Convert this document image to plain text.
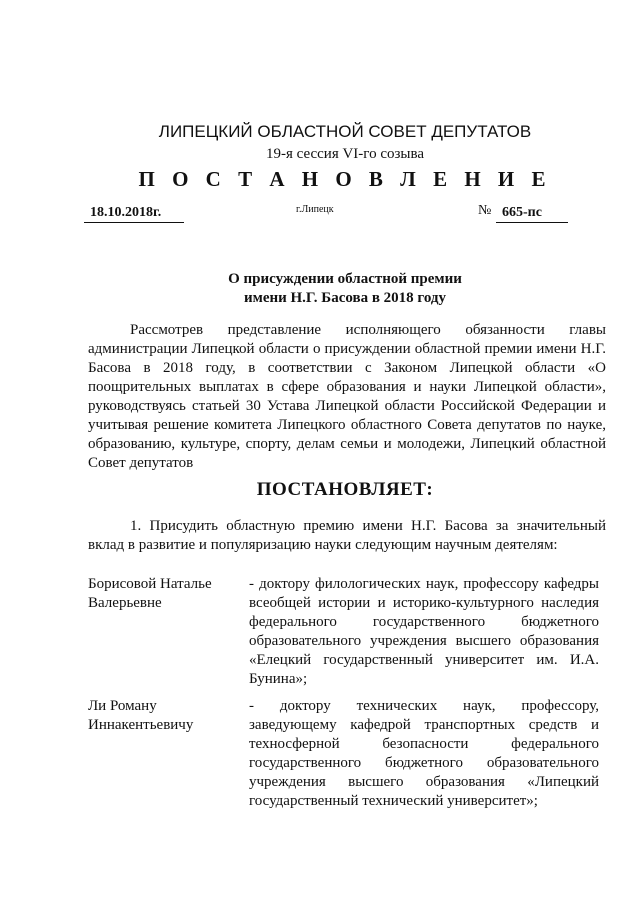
ЛИПЕЦКИЙ ОБЛАСТНОЙ СОВЕТ ДЕПУТАТОВ
19-я сессия VI-го созыва
П О С Т А Н О В Л Е Н И Е
18.10.2018г.	г.Липецк	№ 665-пс
О присуждении областной премии
имени Н.Г. Басова в 2018 году
Рассмотрев представление исполняющего обязанности главы администрации Липецкой области о присуждении областной премии имени Н.Г. Басова в 2018 году, в соответствии с Законом Липецкой области «О поощрительных выплатах в сфере образования и науки Липецкой области», руководствуясь статьей 30 Устава Липецкой области Российской Федерации и учитывая решение комитета Липецкого областного Совета депутатов по науке, образованию, культуре, спорту, делам семьи и молодежи, Липецкий областной Совет депутатов
ПОСТАНОВЛЯЕТ:
1. Присудить областную премию имени Н.Г. Басова за значительный вклад в развитие и популяризацию науки следующим научным деятелям:
Борисовой Наталье Валерьевне
- доктору филологических наук, профессору кафедры всеобщей истории и историко-культурного наследия федерального государственного бюджетного образовательного учреждения высшего образования «Елецкий государственный университет им. И.А. Бунина»;
Ли Роману Иннакентьевичу
- доктору технических наук, профессору, заведующему кафедрой транспортных средств и техносферной безопасности федерального государственного бюджетного образовательного учреждения высшего образования «Липецкий государственный технический университет»;
